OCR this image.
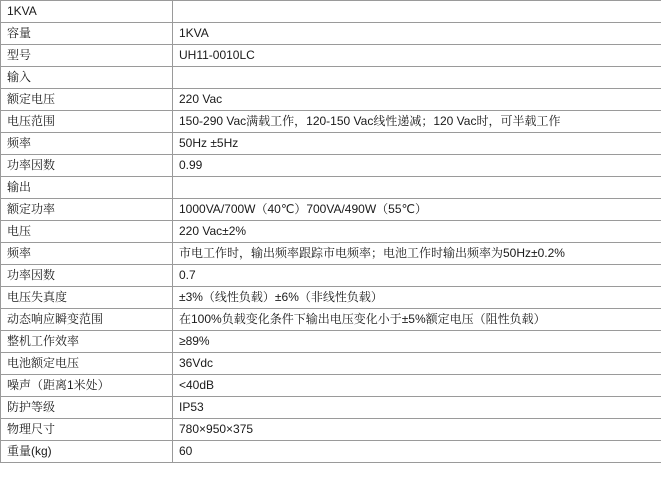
1KVA	
容量	1KVA
型号	UH11-0010LC
输入	
额定电压	220 Vac
电压范围	150-290 Vac满载工作，120-150 Vac线性递减；120 Vac时，可半载工作
频率	50Hz ±5Hz
功率因数	0.99
输出	
额定功率	1000VA/700W（40℃）700VA/490W（55℃）
电压	220 Vac±2%
频率	市电工作时，输出频率跟踪市电频率；电池工作时输出频率为50Hz±0.2%
功率因数	0.7
电压失真度	±3%（线性负载）±6%（非线性负载）
动态响应瞬变范围	在100%负载变化条件下输出电压变化小于±5%额定电压（阻性负载）
整机工作效率	≥89%
电池额定电压	36Vdc
噪声（距离1米处）	<40dB
防护等级	IP53
物理尺寸	780×950×375
重量(kg)	60
